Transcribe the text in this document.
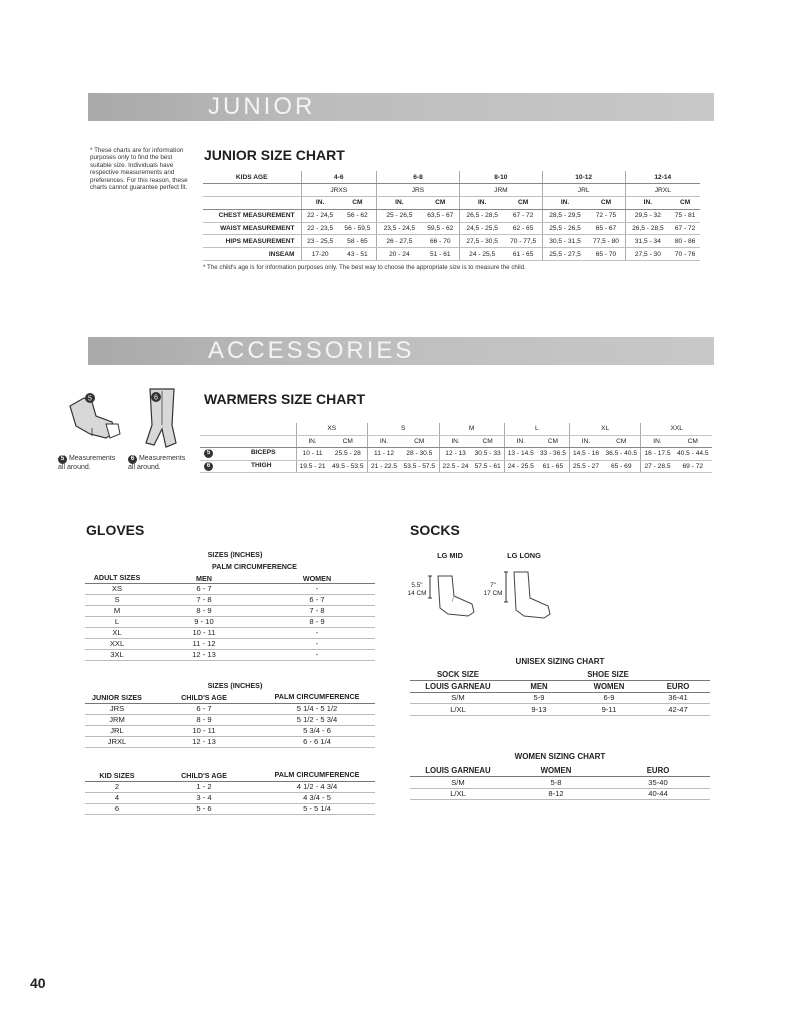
JUNIOR
* These charts are for information purposes only to find the best suitable size. Individuals have respective measurements and preferences. For this reason, these charts cannot guarantee perfect fit.
JUNIOR SIZE CHART
KIDS AGE	4-6		6-8		8-10		10-12		12-14	
	JRXS		JRS		JRM		JRL		JRXL	
	IN.	CM	IN.	CM	IN.	CM	IN.	CM	IN.	CM
CHEST MEASUREMENT	22 - 24,5	56 - 62	25 - 26,5	63,5 - 67	26,5 - 28,5	67 - 72	28,5 - 29,5	72 - 75	29,5 - 32	75 - 81
WAIST MEASUREMENT	22 - 23,5	56 - 59,5	23,5 - 24,5	59,5 - 62	24,5 - 25,5	62 - 65	25,5 - 26,5	65 - 67	26,5 - 28,5	67 - 72
HIPS MEASUREMENT	23 - 25,5	58 - 65	26 - 27,5	66 - 70	27,5 - 30,5	70 - 77,5	30,5 - 31,5	77,5 - 80	31,5 - 34	80 - 86
INSEAM	17-20	43 - 51	20 - 24	51 - 61	24 - 25,5	61 - 65	25,5 - 27,5	65 - 70	27,5 - 30	70 - 76
* The child's age is for information purposes only. The best way to choose the appropriate size is to measure the child.
ACCESSORIES
5	6
5 Measurements all around.
6 Measurements all around.
WARMERS SIZE CHART
	XS		S		M		L		XL		XXL	
	IN.	CM	IN.	CM	IN.	CM	IN.	CM	IN.	CM	IN.	CM
5 BICEPS	10 - 11	25.5 - 28	11 - 12	28 - 30.5	12 - 13	30.5 - 33	13 - 14.5	33 - 36.5	14.5 - 16	36.5 - 40.5	16 - 17.5	40.5 - 44.5
6 THIGH	19.5 - 21	49.5 - 53.5	21 - 22.5	53.5 - 57.5	22.5 - 24	57.5 - 61	24 - 25.5	61 - 65	25.5 - 27	65 - 69	27 - 28.5	69 - 72
GLOVES
SIZES (INCHES)
PALM CIRCUMFERENCE
ADULT SIZES	MEN	WOMEN
XS	6 - 7	-
S	7 - 8	6 - 7
M	8 - 9	7 - 8
L	9 - 10	8 - 9
XL	10 - 11	-
XXL	11 - 12	-
3XL	12 - 13	-
SIZES (INCHES)
JUNIOR SIZES	CHILD'S AGE	PALM CIRCUMFERENCE
JRS	6 - 7	5 1/4 - 5 1/2
JRM	8 - 9	5 1/2 - 5 3/4
JRL	10 - 11	5 3/4 - 6
JRXL	12 - 13	6 - 6 1/4
KID SIZES	CHILD'S AGE	PALM CIRCUMFERENCE
2	1 - 2	4 1/2 - 4 3/4
4	3 - 4	4 3/4 - 5
6	5 - 6	5 - 5 1/4
SOCKS
LG MID	LG LONG
5.5"
14 CM
7"
17 CM
UNISEX SIZING CHART
SOCK SIZE	SHOE SIZE		
LOUIS GARNEAU	MEN	WOMEN	EURO
S/M	5-9	6-9	36-41
L/XL	9-13	9-11	42-47
WOMEN SIZING CHART
LOUIS GARNEAU	WOMEN	EURO
S/M	5-8	35-40
L/XL	8-12	40-44
40
